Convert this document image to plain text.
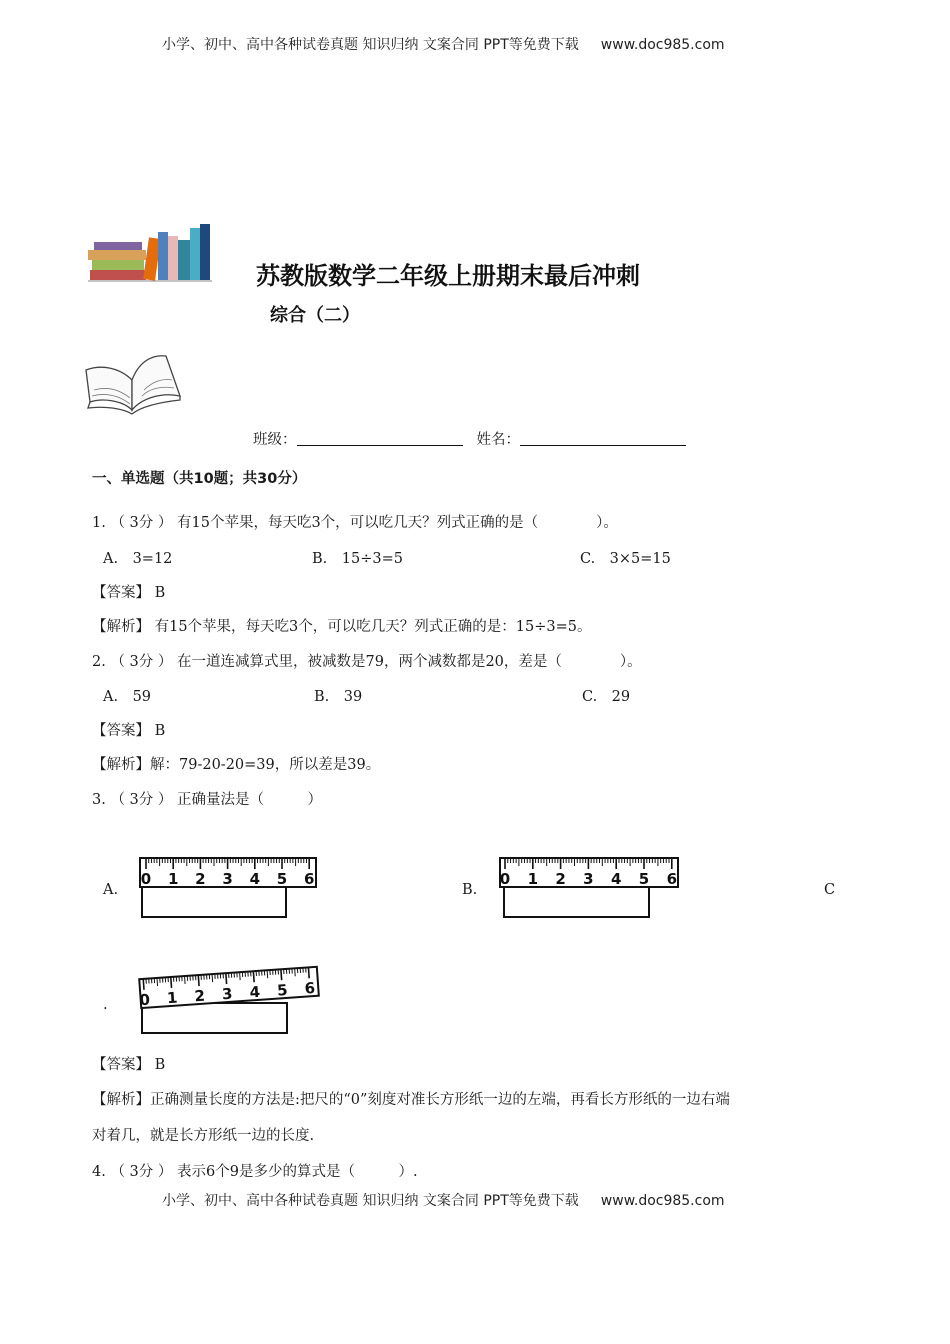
小学、初中、高中各种试卷真题 知识归纳 文案合同 PPT等免费下载 www.doc985.com
苏教版数学二年级上册期末最后冲刺
综合（二）
班级：	姓名：
一、单选题（共10题；共30分）
1. （ 3分 ） 有15个苹果，每天吃3个，可以吃几天？列式正确的是（　　　　）。
A.　3=12	B.　15÷3=5	C.　3×5=15
【答案】 B
【解析】 有15个苹果，每天吃3个，可以吃几天？列式正确的是：15÷3=5。
2. （ 3分 ） 在一道连减算式里，被减数是79，两个减数都是20，差是（　　　　）。
A.　59	B.　39	C.　29
【答案】 B
【解析】解：79-20-20=39，所以差是39。
3. （ 3分 ） 正确量法是（　　　）
A.	B.	C
.
0 1 2 3 4 5 6	0 1 2 3 4 5 6
0 1 2 3 4 5 6
【答案】 B
【解析】正确测量长度的方法是:把尺的“0”刻度对准长方形纸一边的左端，再看长方形纸的一边右端
对着几，就是长方形纸一边的长度.
4. （ 3分 ） 表示6个9是多少的算式是（　　　）.
小学、初中、高中各种试卷真题 知识归纳 文案合同 PPT等免费下载 www.doc985.com
